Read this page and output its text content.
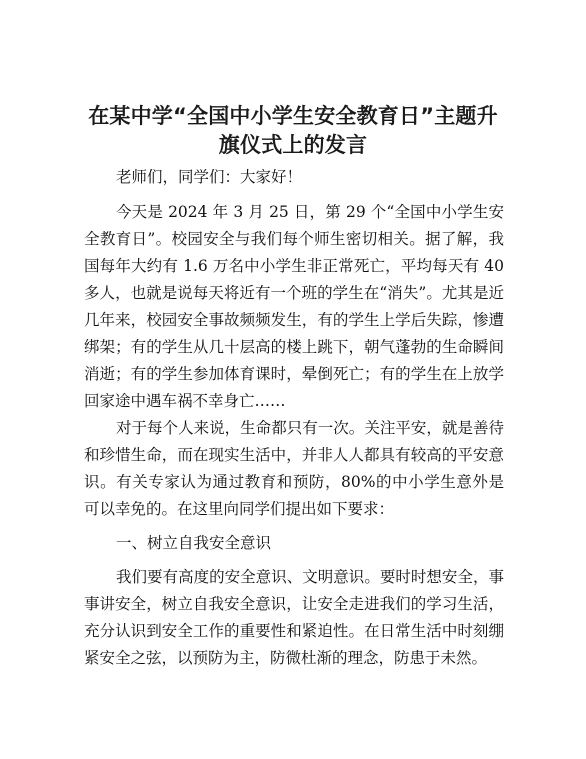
在某中学“全国中小学生安全教育日”主题升
旗仪式上的发言

老师们，同学们：大家好！

今天是 2024 年 3 月 25 日，第 29 个“全国中小学生安全教育日”。校园安全与我们每个师生密切相关。据了解，我国每年大约有 1.6 万名中小学生非正常死亡，平均每天有 40 多人，也就是说每天将近有一个班的学生在“消失”。尤其是近几年来，校园安全事故频频发生，有的学生上学后失踪，惨遭绑架；有的学生从几十层高的楼上跳下，朝气蓬勃的生命瞬间消逝；有的学生参加体育课时，晕倒死亡；有的学生在上放学回家途中遇车祸不幸身亡……

对于每个人来说，生命都只有一次。关注平安，就是善待和珍惜生命，而在现实生活中，并非人人都具有较高的平安意识。有关专家认为通过教育和预防，80%的中小学生意外是可以幸免的。在这里向同学们提出如下要求：

一、树立自我安全意识

我们要有高度的安全意识、文明意识。要时时想安全，事事讲安全，树立自我安全意识，让安全走进我们的学习生活，充分认识到安全工作的重要性和紧迫性。在日常生活中时刻绷紧安全之弦，以预防为主，防微杜渐的理念，防患于未然。
